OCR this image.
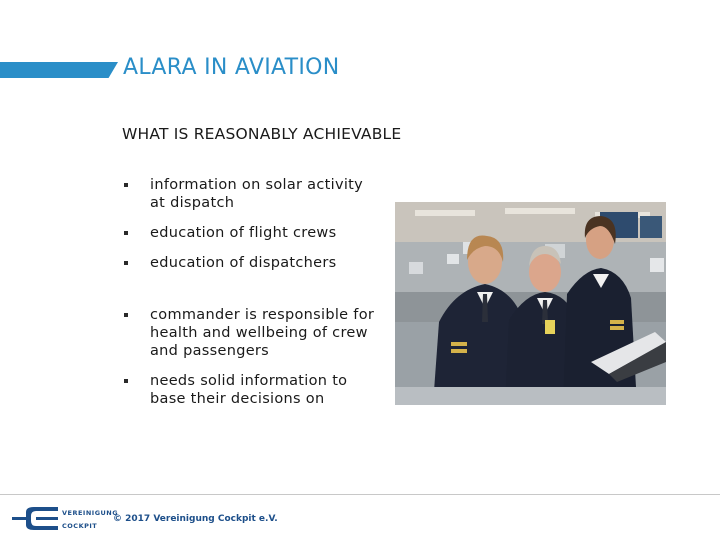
ALARA IN AVIATION
WHAT IS REASONABLY ACHIEVABLE
information on solar activity at dispatch
education of flight crews
education of dispatchers
commander is responsible for health and wellbeing of crew and passengers
needs solid information to base their decisions on
VEREINIGUNG
COCKPIT
© 2017 Vereinigung Cockpit e.V.
